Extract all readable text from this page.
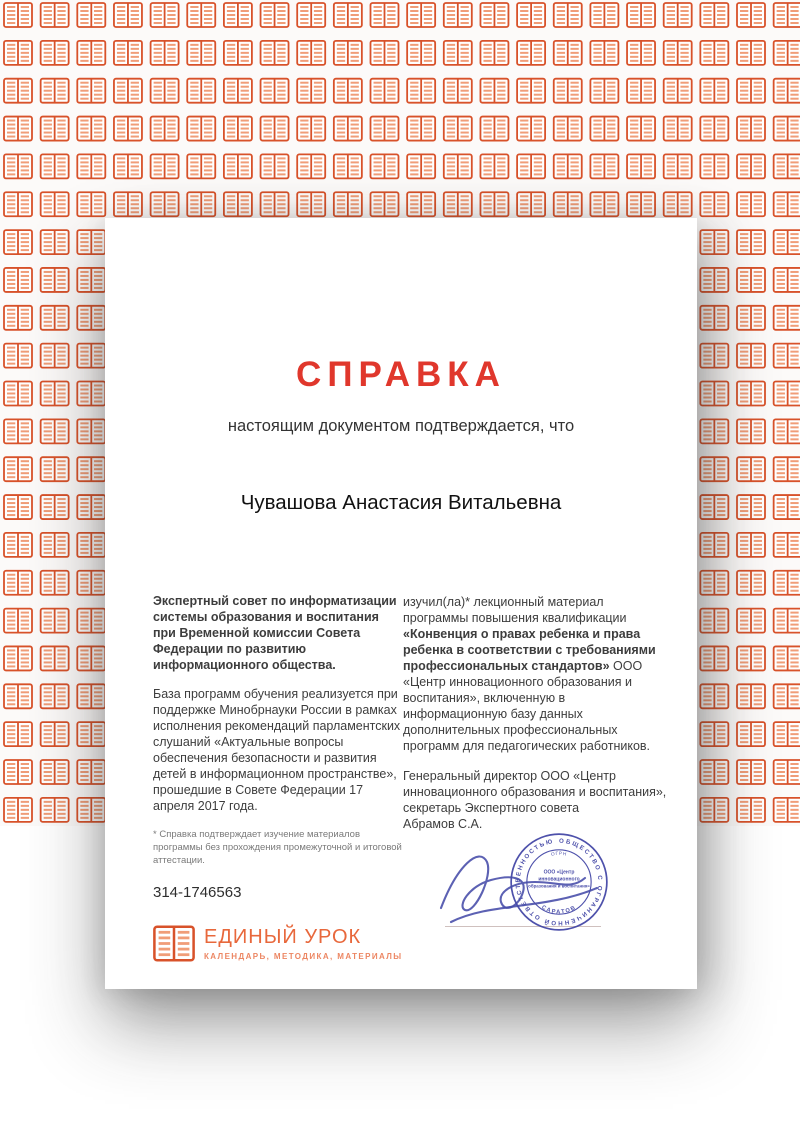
СПРАВКА

настоящим документом подтверждается, что

Чувашова Анастасия Витальевна

Экспертный совет по информатизации системы образования и воспитания при Временной комиссии Совета Федерации по развитию информационного общества.

База программ обучения реализуется при поддержке Минобрнауки России в рамках исполнения рекомендаций парламентских слушаний «Актуальные вопросы обеспечения безопасности и развития детей в информационном пространстве», прошедшие в Совете Федерации 17 апреля 2017 года.

* Справка подтверждает изучение материалов программы без прохождения промежуточной и итоговой аттестации.

314-1746563

ЕДИНЫЙ УРОК
КАЛЕНДАРЬ, МЕТОДИКА, МАТЕРИАЛЫ

изучил(ла)* лекционный материал программы повышения квалификации «Конвенция о правах ребенка и права ребенка в соответствии с требованиями профессиональных стандартов» ООО «Центр инновационного образования и воспитания», включенную в информационную базу данных дополнительных профессиональных программ для педагогических работников.

Генеральный директор ООО «Центр инновационного образования и воспитания», секретарь Экспертного совета

Абрамов С.А.

ОБЩЕСТВО С ОГРАНИЧЕННОЙ ОТВЕТСТВЕННОСТЬЮ
ОГРН
САРАТОВ
ООО «Центр
инновационного
образования и воспитания»
